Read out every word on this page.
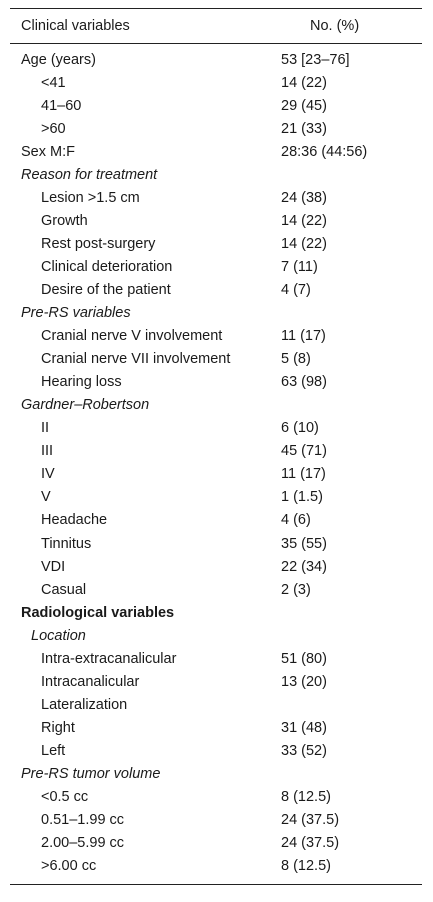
Clinical variables	No. (%)
Age (years)	53 [23–76]
<41	14 (22)
41–60	29 (45)
>60	21 (33)
Sex M:F	28:36 (44:56)
Reason for treatment
Lesion >1.5 cm	24 (38)
Growth	14 (22)
Rest post-surgery	14 (22)
Clinical deterioration	7 (11)
Desire of the patient	4 (7)
Pre-RS variables
Cranial nerve V involvement	11 (17)
Cranial nerve VII involvement	5 (8)
Hearing loss	63 (98)
Gardner–Robertson
II	6 (10)
III	45 (71)
IV	11 (17)
V	1 (1.5)
Headache	4 (6)
Tinnitus	35 (55)
VDI	22 (34)
Casual	2 (3)
Radiological variables
Location
Intra-extracanalicular	51 (80)
Intracanalicular	13 (20)
Lateralization
Right	31 (48)
Left	33 (52)
Pre-RS tumor volume
<0.5 cc	8 (12.5)
0.51–1.99 cc	24 (37.5)
2.00–5.99 cc	24 (37.5)
>6.00 cc	8 (12.5)
